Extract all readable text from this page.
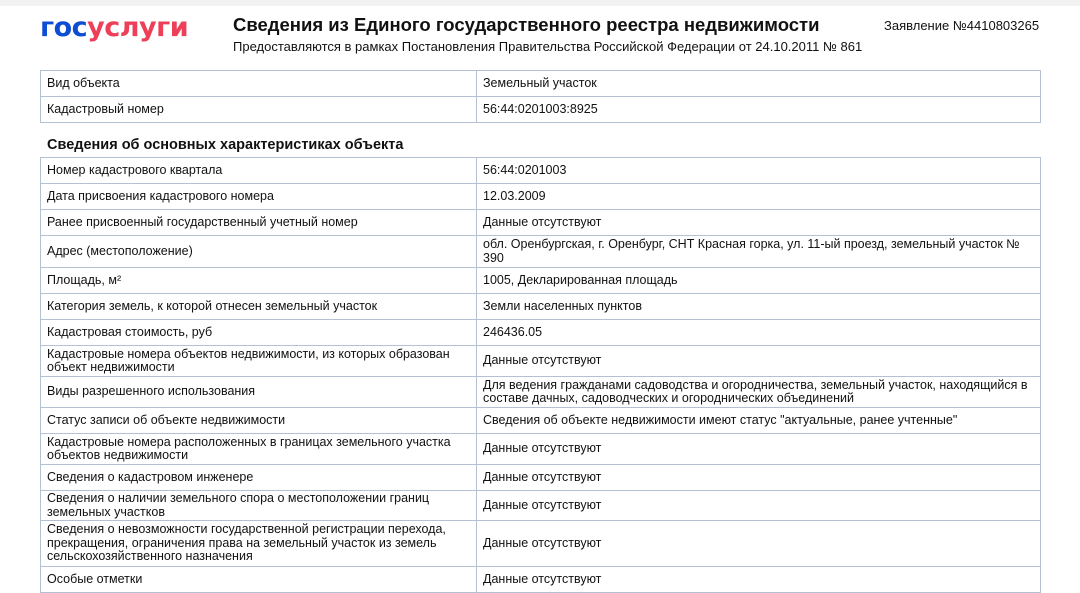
госуслуги Сведения из Единого государственного реестра недвижимости
Предоставляются в рамках Постановления Правительства Российской Федерации от 24.10.2011 № 861
Заявление №4410803265
Вид объекта	Земельный участок
Кадастровый номер	56:44:0201003:8925
Сведения об основных характеристиках объекта
Номер кадастрового квартала	56:44:0201003
Дата присвоения кадастрового номера	12.03.2009
Ранее присвоенный государственный учетный номер	Данные отсутствуют
Адрес (местоположение)	обл. Оренбургская, г. Оренбург, СНТ Красная горка, ул. 11-ый проезд, земельный участок № 390
Площадь, м²	1005, Декларированная площадь
Категория земель, к которой отнесен земельный участок	Земли населенных пунктов
Кадастровая стоимость, руб	246436.05
Кадастровые номера объектов недвижимости, из которых образован объект недвижимости	Данные отсутствуют
Виды разрешенного использования	Для ведения гражданами садоводства и огородничества, земельный участок, находящийся в составе дачных, садоводческих и огороднических объединений
Статус записи об объекте недвижимости	Сведения об объекте недвижимости имеют статус "актуальные, ранее учтенные"
Кадастровые номера расположенных в границах земельного участка объектов недвижимости	Данные отсутствуют
Сведения о кадастровом инженере	Данные отсутствуют
Сведения о наличии земельного спора о местоположении границ земельных участков	Данные отсутствуют
Сведения о невозможности государственной регистрации перехода, прекращения, ограничения права на земельный участок из земель сельскохозяйственного назначения	Данные отсутствуют
Особые отметки	Данные отсутствуют
